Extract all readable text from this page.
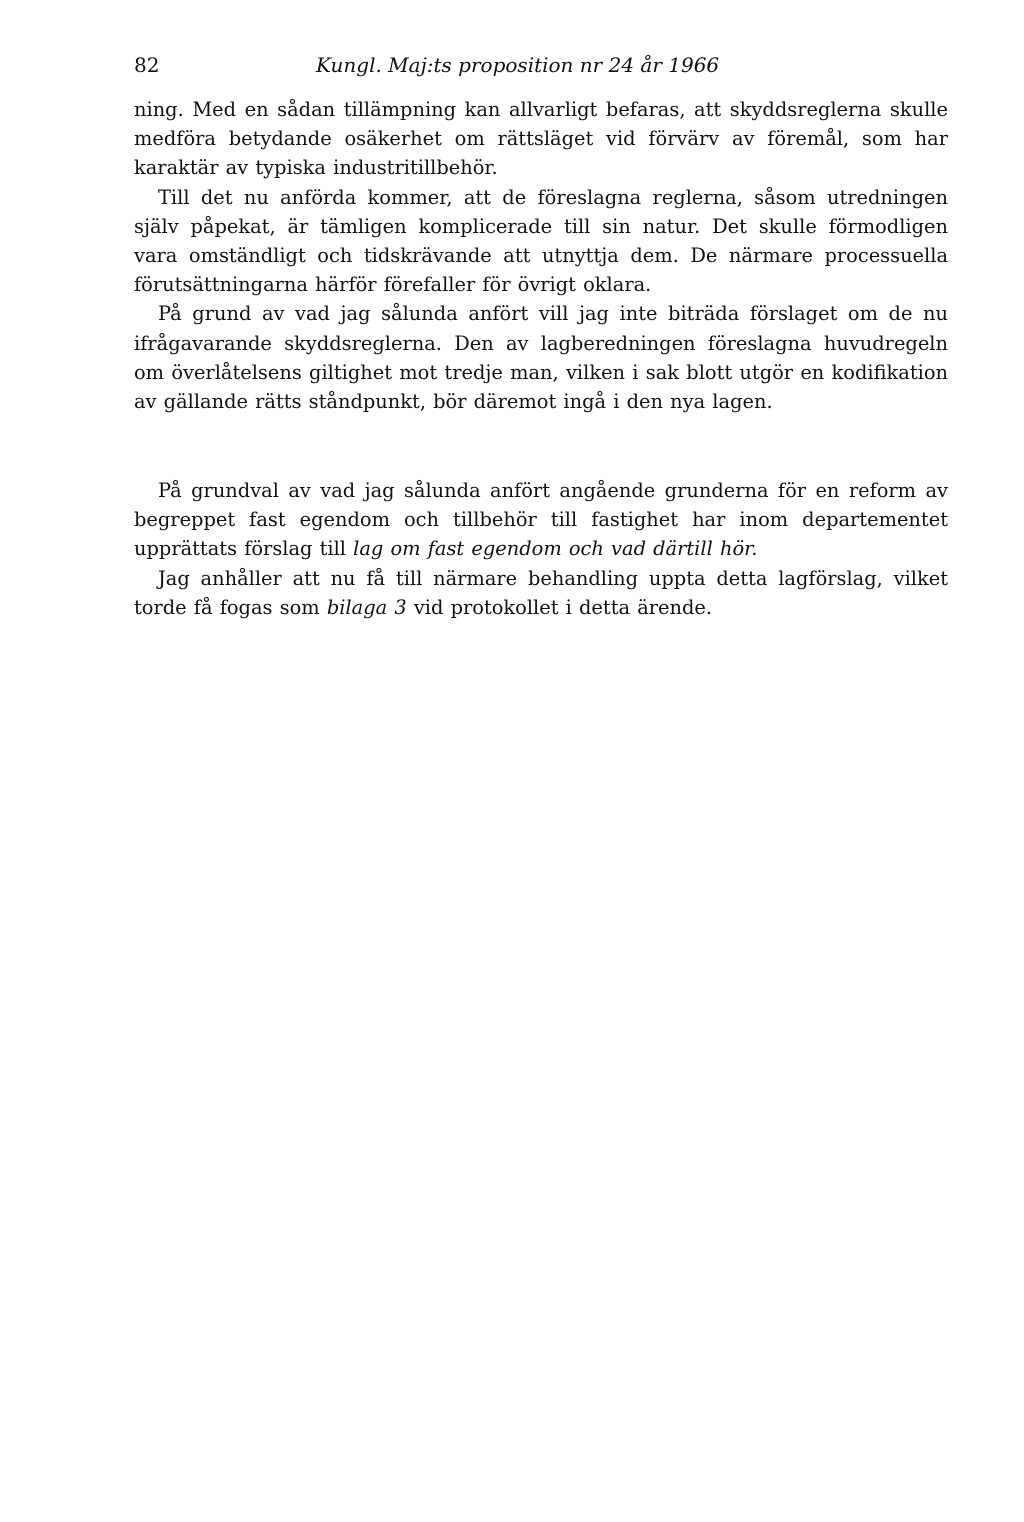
82	Kungl. Maj:ts proposition nr 24 år 1966

ning. Med en sådan tillämpning kan allvarligt befaras, att skyddsreglerna skulle medföra betydande osäkerhet om rättsläget vid förvärv av föremål, som har karaktär av typiska industritillbehör.

Till det nu anförda kommer, att de föreslagna reglerna, såsom utredningen själv påpekat, är tämligen komplicerade till sin natur. Det skulle förmodligen vara omständligt och tidskrävande att utnyttja dem. De närmare processuella förutsättningarna härför förefaller för övrigt oklara.

På grund av vad jag sålunda anfört vill jag inte biträda förslaget om de nu ifrågavarande skyddsreglerna. Den av lagberedningen föreslagna huvudregeln om överlåtelsens giltighet mot tredje man, vilken i sak blott utgör en kodifikation av gällande rätts ståndpunkt, bör däremot ingå i den nya lagen.

På grundval av vad jag sålunda anfört angående grunderna för en reform av begreppet fast egendom och tillbehör till fastighet har inom departementet upprättats förslag till lag om fast egendom och vad därtill hör.

Jag anhåller att nu få till närmare behandling uppta detta lagförslag, vilket torde få fogas som bilaga 3 vid protokollet i detta ärende.
